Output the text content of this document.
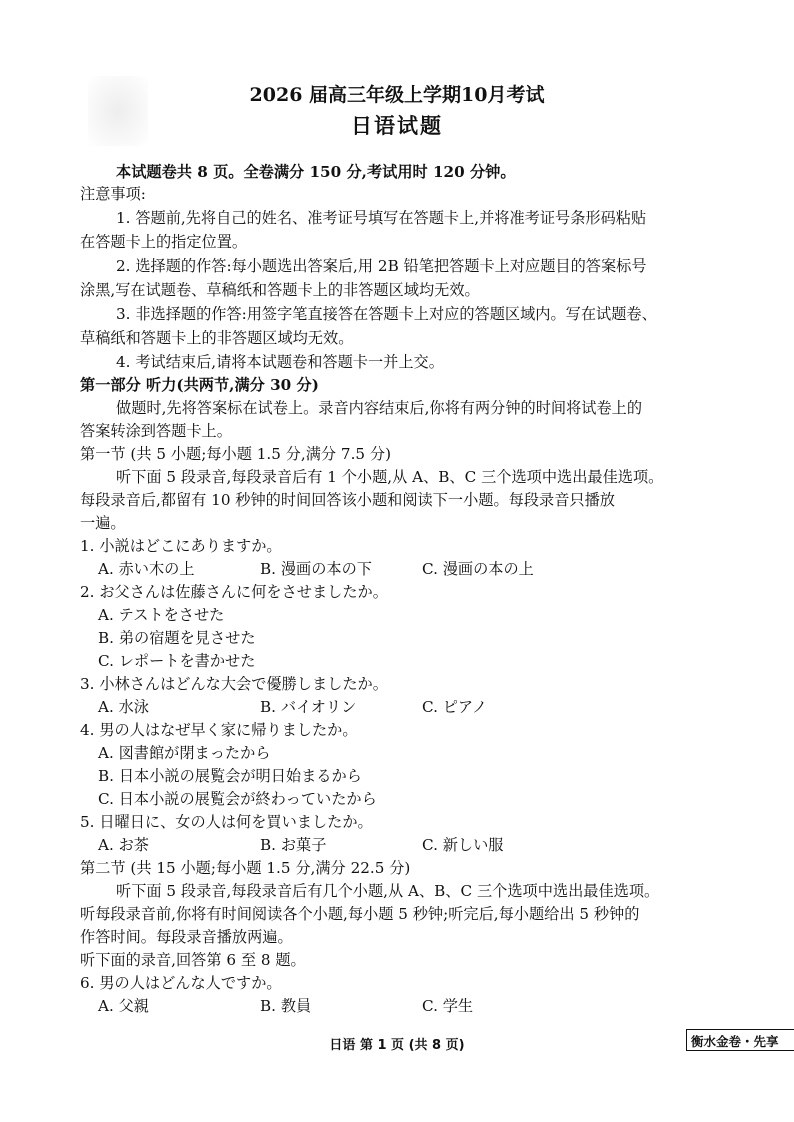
2026 届高三年级上学期10月考试
日语试题
本试题卷共 8 页。全卷满分 150 分,考试用时 120 分钟。
注意事项:
1. 答题前,先将自己的姓名、准考证号填写在答题卡上,并将准考证号条形码粘贴
在答题卡上的指定位置。
2. 选择题的作答:每小题选出答案后,用 2B 铅笔把答题卡上对应题目的答案标号
涂黑,写在试题卷、草稿纸和答题卡上的非答题区域均无效。
3. 非选择题的作答:用签字笔直接答在答题卡上对应的答题区域内。写在试题卷、
草稿纸和答题卡上的非答题区域均无效。
4. 考试结束后,请将本试题卷和答题卡一并上交。
第一部分 听力(共两节,满分 30 分)
做题时,先将答案标在试卷上。录音内容结束后,你将有两分钟的时间将试卷上的
答案转涂到答题卡上。
第一节 (共 5 小题;每小题 1.5 分,满分 7.5 分)
听下面 5 段录音,每段录音后有 1 个小题,从 A、B、C 三个选项中选出最佳选项。
每段录音后,都留有 10 秒钟的时间回答该小题和阅读下一小题。每段录音只播放
一遍。
1. 小説はどこにありますか。
A. 赤い木の上	B. 漫画の本の下	C. 漫画の本の上
2. お父さんは佐藤さんに何をさせましたか。
A. テストをさせた
B. 弟の宿題を見させた
C. レポートを書かせた
3. 小林さんはどんな大会で優勝しましたか。
A. 水泳	B. バイオリン	C. ピアノ
4. 男の人はなぜ早く家に帰りましたか。
A. 図書館が閉まったから
B. 日本小説の展覧会が明日始まるから
C. 日本小説の展覧会が終わっていたから
5. 日曜日に、女の人は何を買いましたか。
A. お茶	B. お菓子	C. 新しい服
第二节 (共 15 小题;每小题 1.5 分,满分 22.5 分)
听下面 5 段录音,每段录音后有几个小题,从 A、B、C 三个选项中选出最佳选项。
听每段录音前,你将有时间阅读各个小题,每小题 5 秒钟;听完后,每小题给出 5 秒钟的
作答时间。每段录音播放两遍。
听下面的录音,回答第 6 至 8 题。
6. 男の人はどんな人ですか。
A. 父親	B. 教員	C. 学生
日语 第 1 页 (共 8 页)	衡水金卷・先享
